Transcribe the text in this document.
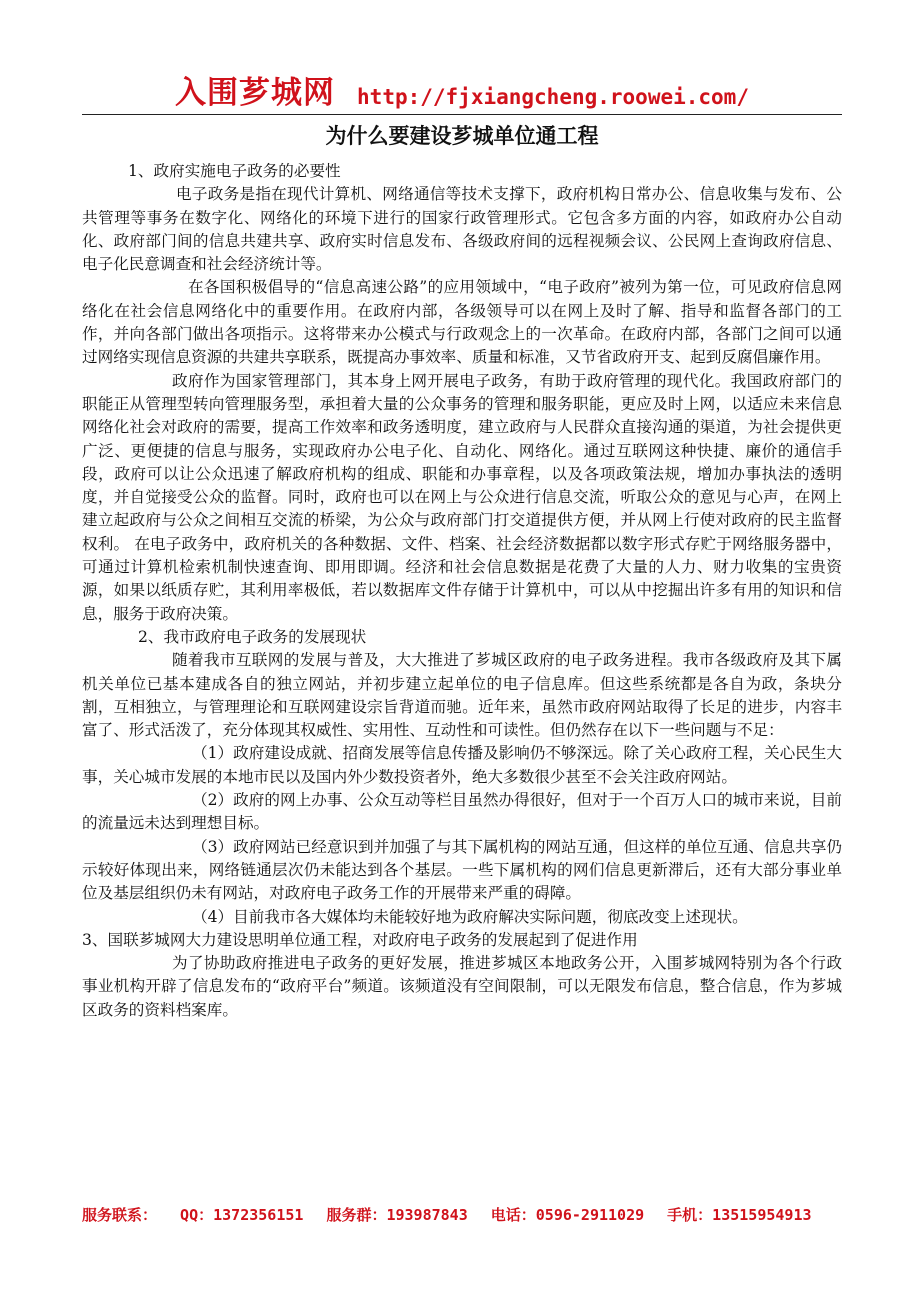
入围芗城网 http://fjxiangcheng.roowei.com/
为什么要建设芗城单位通工程

1、政府实施电子政务的必要性

电子政务是指在现代计算机、网络通信等技术支撑下，政府机构日常办公、信息收集与发布、公共管理等事务在数字化、网络化的环境下进行的国家行政管理形式。它包含多方面的内容，如政府办公自动化、政府部门间的信息共建共享、政府实时信息发布、各级政府间的远程视频会议、公民网上查询政府信息、电子化民意调查和社会经济统计等。

在各国积极倡导的“信息高速公路”的应用领域中，“电子政府”被列为第一位，可见政府信息网络化在社会信息网络化中的重要作用。在政府内部，各级领导可以在网上及时了解、指导和监督各部门的工作，并向各部门做出各项指示。这将带来办公模式与行政观念上的一次革命。在政府内部，各部门之间可以通过网络实现信息资源的共建共享联系，既提高办事效率、质量和标准，又节省政府开支、起到反腐倡廉作用。

政府作为国家管理部门，其本身上网开展电子政务，有助于政府管理的现代化。我国政府部门的职能正从管理型转向管理服务型，承担着大量的公众事务的管理和服务职能，更应及时上网，以适应未来信息网络化社会对政府的需要，提高工作效率和政务透明度，建立政府与人民群众直接沟通的渠道，为社会提供更广泛、更便捷的信息与服务，实现政府办公电子化、自动化、网络化。通过互联网这种快捷、廉价的通信手段，政府可以让公众迅速了解政府机构的组成、职能和办事章程，以及各项政策法规，增加办事执法的透明度，并自觉接受公众的监督。同时，政府也可以在网上与公众进行信息交流，听取公众的意见与心声，在网上建立起政府与公众之间相互交流的桥梁，为公众与政府部门打交道提供方便，并从网上行使对政府的民主监督权利。 在电子政务中，政府机关的各种数据、文件、档案、社会经济数据都以数字形式存贮于网络服务器中，可通过计算机检索机制快速查询、即用即调。经济和社会信息数据是花费了大量的人力、财力收集的宝贵资源，如果以纸质存贮，其利用率极低，若以数据库文件存储于计算机中，可以从中挖掘出许多有用的知识和信息，服务于政府决策。

2、我市政府电子政务的发展现状

随着我市互联网的发展与普及，大大推进了芗城区政府的电子政务进程。我市各级政府及其下属机关单位已基本建成各自的独立网站，并初步建立起单位的电子信息库。但这些系统都是各自为政，条块分割，互相独立，与管理理论和互联网建设宗旨背道而驰。近年来，虽然市政府网站取得了长足的进步，内容丰富了、形式活泼了，充分体现其权威性、实用性、互动性和可读性。但仍然存在以下一些问题与不足：

（1）政府建设成就、招商发展等信息传播及影响仍不够深远。除了关心政府工程，关心民生大事，关心城市发展的本地市民以及国内外少数投资者外，绝大多数很少甚至不会关注政府网站。

（2）政府的网上办事、公众互动等栏目虽然办得很好，但对于一个百万人口的城市来说，目前的流量远未达到理想目标。

（3）政府网站已经意识到并加强了与其下属机构的网站互通，但这样的单位互通、信息共享仍示较好体现出来，网络链通层次仍未能达到各个基层。一些下属机构的网们信息更新滞后，还有大部分事业单位及基层组织仍未有网站，对政府电子政务工作的开展带来严重的碍障。

（4）目前我市各大媒体均未能较好地为政府解决实际问题，彻底改变上述现状。

3、国联芗城网大力建设思明单位通工程，对政府电子政务的发展起到了促进作用

为了协助政府推进电子政务的更好发展，推进芗城区本地政务公开，入围芗城网特别为各个行政事业机构开辟了信息发布的“政府平台”频道。该频道没有空间限制，可以无限发布信息，整合信息，作为芗城区政务的资料档案库。

服务联系： QQ：1372356151 服务群：193987843 电话：0596-2911029 手机：13515954913
